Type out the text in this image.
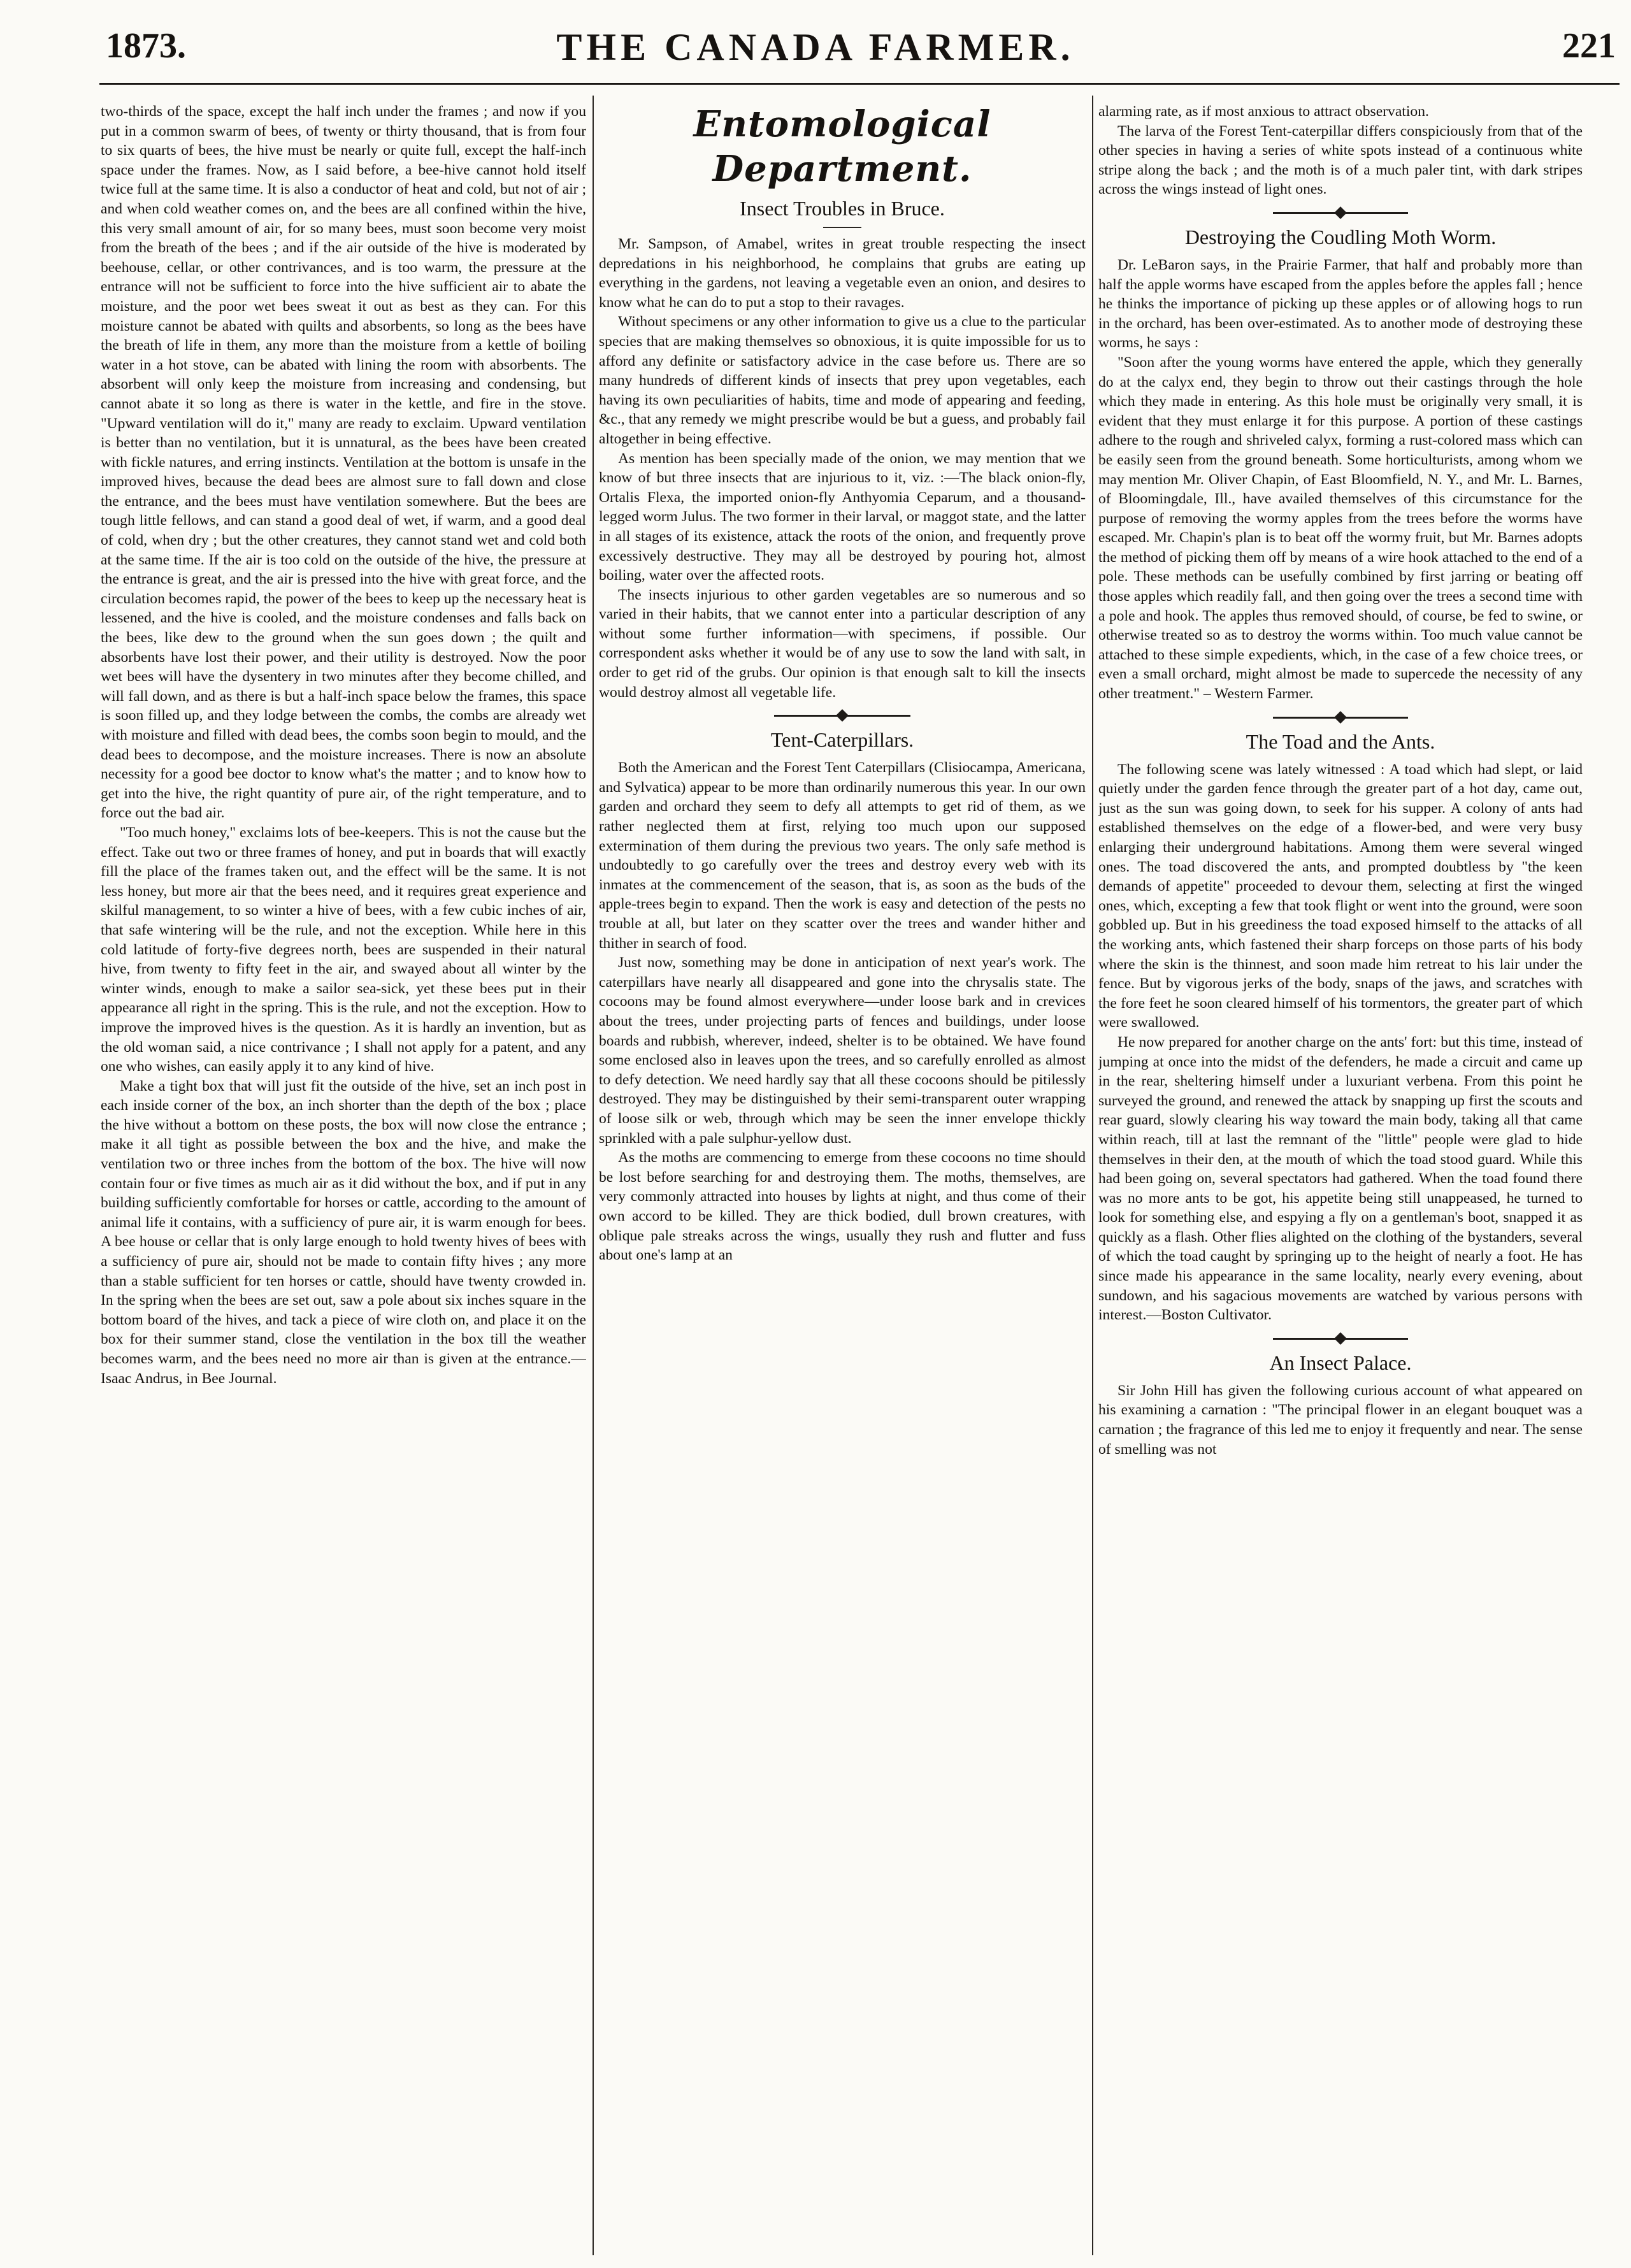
1873.	THE CANADA FARMER.	221

two-thirds of the space, except the half inch under the frames ; and now if you put in a common swarm of bees, of twenty or thirty thousand, that is from four to six quarts of bees, the hive must be nearly or quite full, except the half-inch space under the frames. Now, as I said before, a bee-hive cannot hold itself twice full at the same time. It is also a conductor of heat and cold, but not of air ; and when cold weather comes on, and the bees are all confined within the hive, this very small amount of air, for so many bees, must soon become very moist from the breath of the bees ; and if the air outside of the hive is moderated by beehouse, cellar, or other contrivances, and is too warm, the pressure at the entrance will not be sufficient to force into the hive sufficient air to abate the moisture, and the poor wet bees sweat it out as best as they can. For this moisture cannot be abated with quilts and absorbents, so long as the bees have the breath of life in them, any more than the moisture from a kettle of boiling water in a hot stove, can be abated with lining the room with absorbents. The absorbent will only keep the moisture from increasing and condensing, but cannot abate it so long as there is water in the kettle, and fire in the stove. "Upward ventilation will do it," many are ready to exclaim. Upward ventilation is better than no ventilation, but it is unnatural, as the bees have been created with fickle natures, and erring instincts. Ventilation at the bottom is unsafe in the improved hives, because the dead bees are almost sure to fall down and close the entrance, and the bees must have ventilation somewhere. But the bees are tough little fellows, and can stand a good deal of wet, if warm, and a good deal of cold, when dry ; but the other creatures, they cannot stand wet and cold both at the same time. If the air is too cold on the outside of the hive, the pressure at the entrance is great, and the air is pressed into the hive with great force, and the circulation becomes rapid, the power of the bees to keep up the necessary heat is lessened, and the hive is cooled, and the moisture condenses and falls back on the bees, like dew to the ground when the sun goes down ; the quilt and absorbents have lost their power, and their utility is destroyed. Now the poor wet bees will have the dysentery in two minutes after they become chilled, and will fall down, and as there is but a half-inch space below the frames, this space is soon filled up, and they lodge between the combs, the combs are already wet with moisture and filled with dead bees, the combs soon begin to mould, and the dead bees to decompose, and the moisture increases. There is now an absolute necessity for a good bee doctor to know what's the matter ; and to know how to get into the hive, the right quantity of pure air, of the right temperature, and to force out the bad air.

"Too much honey," exclaims lots of bee-keepers. This is not the cause but the effect. Take out two or three frames of honey, and put in boards that will exactly fill the place of the frames taken out, and the effect will be the same. It is not less honey, but more air that the bees need, and it requires great experience and skilful management, to so winter a hive of bees, with a few cubic inches of air, that safe wintering will be the rule, and not the exception. While here in this cold latitude of forty-five degrees north, bees are suspended in their natural hive, from twenty to fifty feet in the air, and swayed about all winter by the winter winds, enough to make a sailor sea-sick, yet these bees put in their appearance all right in the spring. This is the rule, and not the exception. How to improve the improved hives is the question. As it is hardly an invention, but as the old woman said, a nice contrivance ; I shall not apply for a patent, and any one who wishes, can easily apply it to any kind of hive.

Make a tight box that will just fit the outside of the hive, set an inch post in each inside corner of the box, an inch shorter than the depth of the box ; place the hive without a bottom on these posts, the box will now close the entrance ; make it all tight as possible between the box and the hive, and make the ventilation two or three inches from the bottom of the box. The hive will now contain four or five times as much air as it did without the box, and if put in any building sufficiently comfortable for horses or cattle, according to the amount of animal life it contains, with a sufficiency of pure air, it is warm enough for bees. A bee house or cellar that is only large enough to hold twenty hives of bees with a sufficiency of pure air, should not be made to contain fifty hives ; any more than a stable sufficient for ten horses or cattle, should have twenty crowded in. In the spring when the bees are set out, saw a pole about six inches square in the bottom board of the hives, and tack a piece of wire cloth on, and place it on the box for their summer stand, close the ventilation in the box till the weather becomes warm, and the bees need no more air than is given at the entrance.—Isaac Andrus, in Bee Journal.

Entomological Department.
Insect Troubles in Bruce.

Mr. Sampson, of Amabel, writes in great trouble respecting the insect depredations in his neighborhood, he complains that grubs are eating up everything in the gardens, not leaving a vegetable even an onion, and desires to know what he can do to put a stop to their ravages.

Without specimens or any other information to give us a clue to the particular species that are making themselves so obnoxious, it is quite impossible for us to afford any definite or satisfactory advice in the case before us. There are so many hundreds of different kinds of insects that prey upon vegetables, each having its own peculiarities of habits, time and mode of appearing and feeding, &c., that any remedy we might prescribe would be but a guess, and probably fail altogether in being effective.

As mention has been specially made of the onion, we may mention that we know of but three insects that are injurious to it, viz. :—The black onion-fly, Ortalis Flexa, the imported onion-fly Anthyomia Ceparum, and a thousand-legged worm Julus. The two former in their larval, or maggot state, and the latter in all stages of its existence, attack the roots of the onion, and frequently prove excessively destructive. They may all be destroyed by pouring hot, almost boiling, water over the affected roots.

The insects injurious to other garden vegetables are so numerous and so varied in their habits, that we cannot enter into a particular description of any without some further information—with specimens, if possible. Our correspondent asks whether it would be of any use to sow the land with salt, in order to get rid of the grubs. Our opinion is that enough salt to kill the insects would destroy almost all vegetable life.

Tent-Caterpillars.

Both the American and the Forest Tent Caterpillars (Clisiocampa, Americana, and Sylvatica) appear to be more than ordinarily numerous this year. In our own garden and orchard they seem to defy all attempts to get rid of them, as we rather neglected them at first, relying too much upon our supposed extermination of them during the previous two years. The only safe method is undoubtedly to go carefully over the trees and destroy every web with its inmates at the commencement of the season, that is, as soon as the buds of the apple-trees begin to expand. Then the work is easy and detection of the pests no trouble at all, but later on they scatter over the trees and wander hither and thither in search of food.

Just now, something may be done in anticipation of next year's work. The caterpillars have nearly all disappeared and gone into the chrysalis state. The cocoons may be found almost everywhere—under loose bark and in crevices about the trees, under projecting parts of fences and buildings, under loose boards and rubbish, wherever, indeed, shelter is to be obtained. We have found some enclosed also in leaves upon the trees, and so carefully enrolled as almost to defy detection. We need hardly say that all these cocoons should be pitilessly destroyed. They may be distinguished by their semi-transparent outer wrapping of loose silk or web, through which may be seen the inner envelope thickly sprinkled with a pale sulphur-yellow dust.

As the moths are commencing to emerge from these cocoons no time should be lost before searching for and destroying them. The moths, themselves, are very commonly attracted into houses by lights at night, and thus come of their own accord to be killed. They are thick bodied, dull brown creatures, with oblique pale streaks across the wings, usually they rush and flutter and fuss about one's lamp at an

alarming rate, as if most anxious to attract observation.

The larva of the Forest Tent-caterpillar differs conspiciously from that of the other species in having a series of white spots instead of a continuous white stripe along the back ; and the moth is of a much paler tint, with dark stripes across the wings instead of light ones.

Destroying the Coudling Moth Worm.

Dr. LeBaron says, in the Prairie Farmer, that half and probably more than half the apple worms have escaped from the apples before the apples fall ; hence he thinks the importance of picking up these apples or of allowing hogs to run in the orchard, has been over-estimated. As to another mode of destroying these worms, he says :

"Soon after the young worms have entered the apple, which they generally do at the calyx end, they begin to throw out their castings through the hole which they made in entering. As this hole must be originally very small, it is evident that they must enlarge it for this purpose. A portion of these castings adhere to the rough and shriveled calyx, forming a rust-colored mass which can be easily seen from the ground beneath. Some horticulturists, among whom we may mention Mr. Oliver Chapin, of East Bloomfield, N. Y., and Mr. L. Barnes, of Bloomingdale, Ill., have availed themselves of this circumstance for the purpose of removing the wormy apples from the trees before the worms have escaped. Mr. Chapin's plan is to beat off the wormy fruit, but Mr. Barnes adopts the method of picking them off by means of a wire hook attached to the end of a pole. These methods can be usefully combined by first jarring or beating off those apples which readily fall, and then going over the trees a second time with a pole and hook. The apples thus removed should, of course, be fed to swine, or otherwise treated so as to destroy the worms within. Too much value cannot be attached to these simple expedients, which, in the case of a few choice trees, or even a small orchard, might almost be made to supercede the necessity of any other treatment." – Western Farmer.

The Toad and the Ants.

The following scene was lately witnessed : A toad which had slept, or laid quietly under the garden fence through the greater part of a hot day, came out, just as the sun was going down, to seek for his supper. A colony of ants had established themselves on the edge of a flower-bed, and were very busy enlarging their underground habitations. Among them were several winged ones. The toad discovered the ants, and prompted doubtless by "the keen demands of appetite" proceeded to devour them, selecting at first the winged ones, which, excepting a few that took flight or went into the ground, were soon gobbled up. But in his greediness the toad exposed himself to the attacks of all the working ants, which fastened their sharp forceps on those parts of his body where the skin is the thinnest, and soon made him retreat to his lair under the fence. But by vigorous jerks of the body, snaps of the jaws, and scratches with the fore feet he soon cleared himself of his tormentors, the greater part of which were swallowed.

He now prepared for another charge on the ants' fort: but this time, instead of jumping at once into the midst of the defenders, he made a circuit and came up in the rear, sheltering himself under a luxuriant verbena. From this point he surveyed the ground, and renewed the attack by snapping up first the scouts and rear guard, slowly clearing his way toward the main body, taking all that came within reach, till at last the remnant of the "little" people were glad to hide themselves in their den, at the mouth of which the toad stood guard. While this had been going on, several spectators had gathered. When the toad found there was no more ants to be got, his appetite being still unappeased, he turned to look for something else, and espying a fly on a gentleman's boot, snapped it as quickly as a flash. Other flies alighted on the clothing of the bystanders, several of which the toad caught by springing up to the height of nearly a foot. He has since made his appearance in the same locality, nearly every evening, about sundown, and his sagacious movements are watched by various persons with interest.—Boston Cultivator.

An Insect Palace.

Sir John Hill has given the following curious account of what appeared on his examining a carnation : "The principal flower in an elegant bouquet was a carnation ; the fragrance of this led me to enjoy it frequently and near. The sense of smelling was not
